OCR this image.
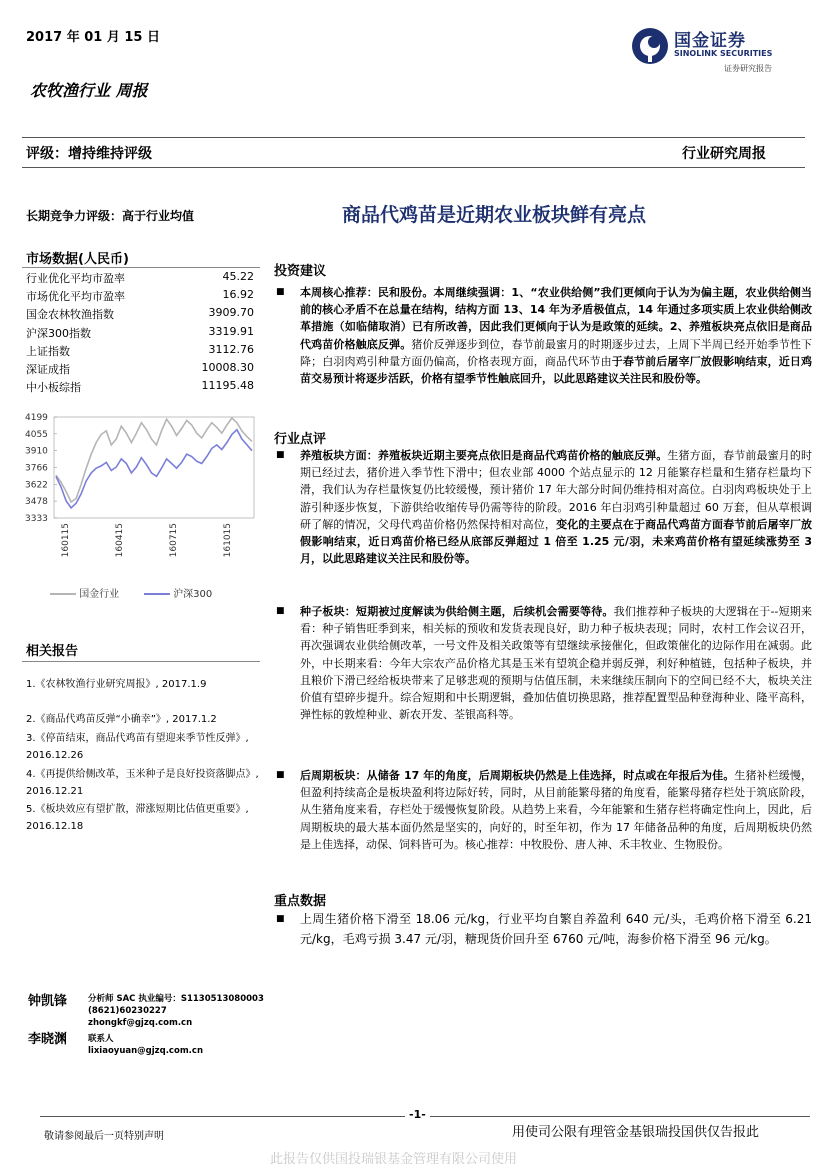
2017 年 01 月 15 日	国金证券
SINOLINK SECURITIES
证券研究报告
农牧渔行业 周报
评级：增持维持评级	行业研究周报
长期竞争力评级：高于行业均值
市场数据(人民币)
行业优化平均市盈率	45.22
市场优化平均市盈率	16.92
国金农林牧渔指数	3909.70
沪深300指数	3319.91
上证指数	3112.76
深证成指	10008.30
中小板综指	11195.48
4199
4055
3910
3766
3622
3478
3333
160115	160415	160715	161015
国金行业	沪深300
相关报告
1.《农林牧渔行业研究周报》, 2017.1.9
2.《商品代鸡苗反弹“小确幸”》, 2017.1.2
3.《停苗结束，商品代鸡苗有望迎来季节性反弹》, 2016.12.26
4.《再提供给侧改革，玉米种子是良好投资落脚点》, 2016.12.21
5.《板块效应有望扩散，滞涨短期比估值更重要》, 2016.12.18
商品代鸡苗是近期农业板块鲜有亮点
投资建议
■ 本周核心推荐：民和股份。本周继续强调：1、“农业供给侧”我们更倾向于认为为偏主题，农业供给侧当前的核心矛盾不在总量在结构，结构方面 13、14 年为矛盾极值点，14 年通过多项实质上农业供给侧改革措施（如临储取消）已有所改善，因此我们更倾向于认为是政策的延续。2、养殖板块亮点依旧是商品代鸡苗价格触底反弹。猪价反弹逐步到位，春节前最蜜月的时期逐步过去，上周下半周已经开始季节性下降；白羽肉鸡引种量方面仍偏高，价格表现方面，商品代环节由于春节前后屠宰厂放假影响结束，近日鸡苗交易预计将逐步活跃，价格有望季节性触底回升，以此思路建议关注民和股份等。
行业点评
■ 养殖板块方面：养殖板块近期主要亮点依旧是商品代鸡苗价格的触底反弹。生猪方面，春节前最蜜月的时期已经过去，猪价进入季节性下滑中；但农业部 4000 个站点显示的 12 月能繁存栏量和生猪存栏量均下滑，我们认为存栏量恢复仍比较缓慢，预计猪价 17 年大部分时间仍维持相对高位。白羽肉鸡板块处于上游引种逐步恢复，下游供给收缩传导仍需等待的阶段。2016 年白羽鸡引种量超过 60 万套，但从草根调研了解的情况，父母代鸡苗价格仍然保持相对高位，变化的主要点在于商品代鸡苗方面春节前后屠宰厂放假影响结束，近日鸡苗价格已经从底部反弹超过 1 倍至 1.25 元/羽，未来鸡苗价格有望延续涨势至 3 月，以此思路建议关注民和股份等。
■ 种子板块：短期被过度解读为供给侧主题，后续机会需要等待。我们推荐种子板块的大逻辑在于--短期来看：种子销售旺季到来，相关标的预收和发货表现良好，助力种子板块表现；同时，农村工作会议召开，再次强调农业供给侧改革，一号文件及相关政策等有望继续承接催化，但政策催化的边际作用在减弱。此外，中长期来看：今年大宗农产品价格尤其是玉米有望筑企稳并弱反弹，利好种植链，包括种子板块，并且粮价下滑已经给板块带来了足够悲观的预期与估值压制，未来继续压制向下的空间已经不大，板块关注价值有望碎步提升。综合短期和中长期逻辑，叠加估值切换思路，推荐配置型品种登海种业、隆平高科，弹性标的敦煌种业、新农开发、荃银高科等。
■ 后周期板块：从储备 17 年的角度，后周期板块仍然是上佳选择，时点或在年报后为佳。生猪补栏缓慢，但盈利持续高企是板块盈利将边际好转，同时，从目前能繁母猪的角度看，能繁母猪存栏处于筑底阶段，从生猪角度来看，存栏处于缓慢恢复阶段。从趋势上来看，今年能繁和生猪存栏将确定性向上，因此，后周期板块的最大基本面仍然是坚实的，向好的，时至年初，作为 17 年储备品种的角度，后周期板块仍然是上佳选择，动保、饲料皆可为。核心推荐：中牧股份、唐人神、禾丰牧业、生物股份。
重点数据
■ 上周生猪价格下滑至 18.06 元/kg，行业平均自繁自养盈利 640 元/头，毛鸡价格下滑至 6.21 元/kg，毛鸡亏损 3.47 元/羽，糖现货价回升至 6760 元/吨，海参价格下滑至 96 元/kg。
钟凯锋 分析师 SAC 执业编号：S1130513080003
(8621)60230227
zhongkf@gjzq.com.cn
李晓渊 联系人
lixiaoyuan@gjzq.com.cn
-1-
敬请参阅最后一页特别声明	用使司公限有理管金基银瑞投国供仅告报此
此报告仅供国投瑞银基金管理有限公司使用
